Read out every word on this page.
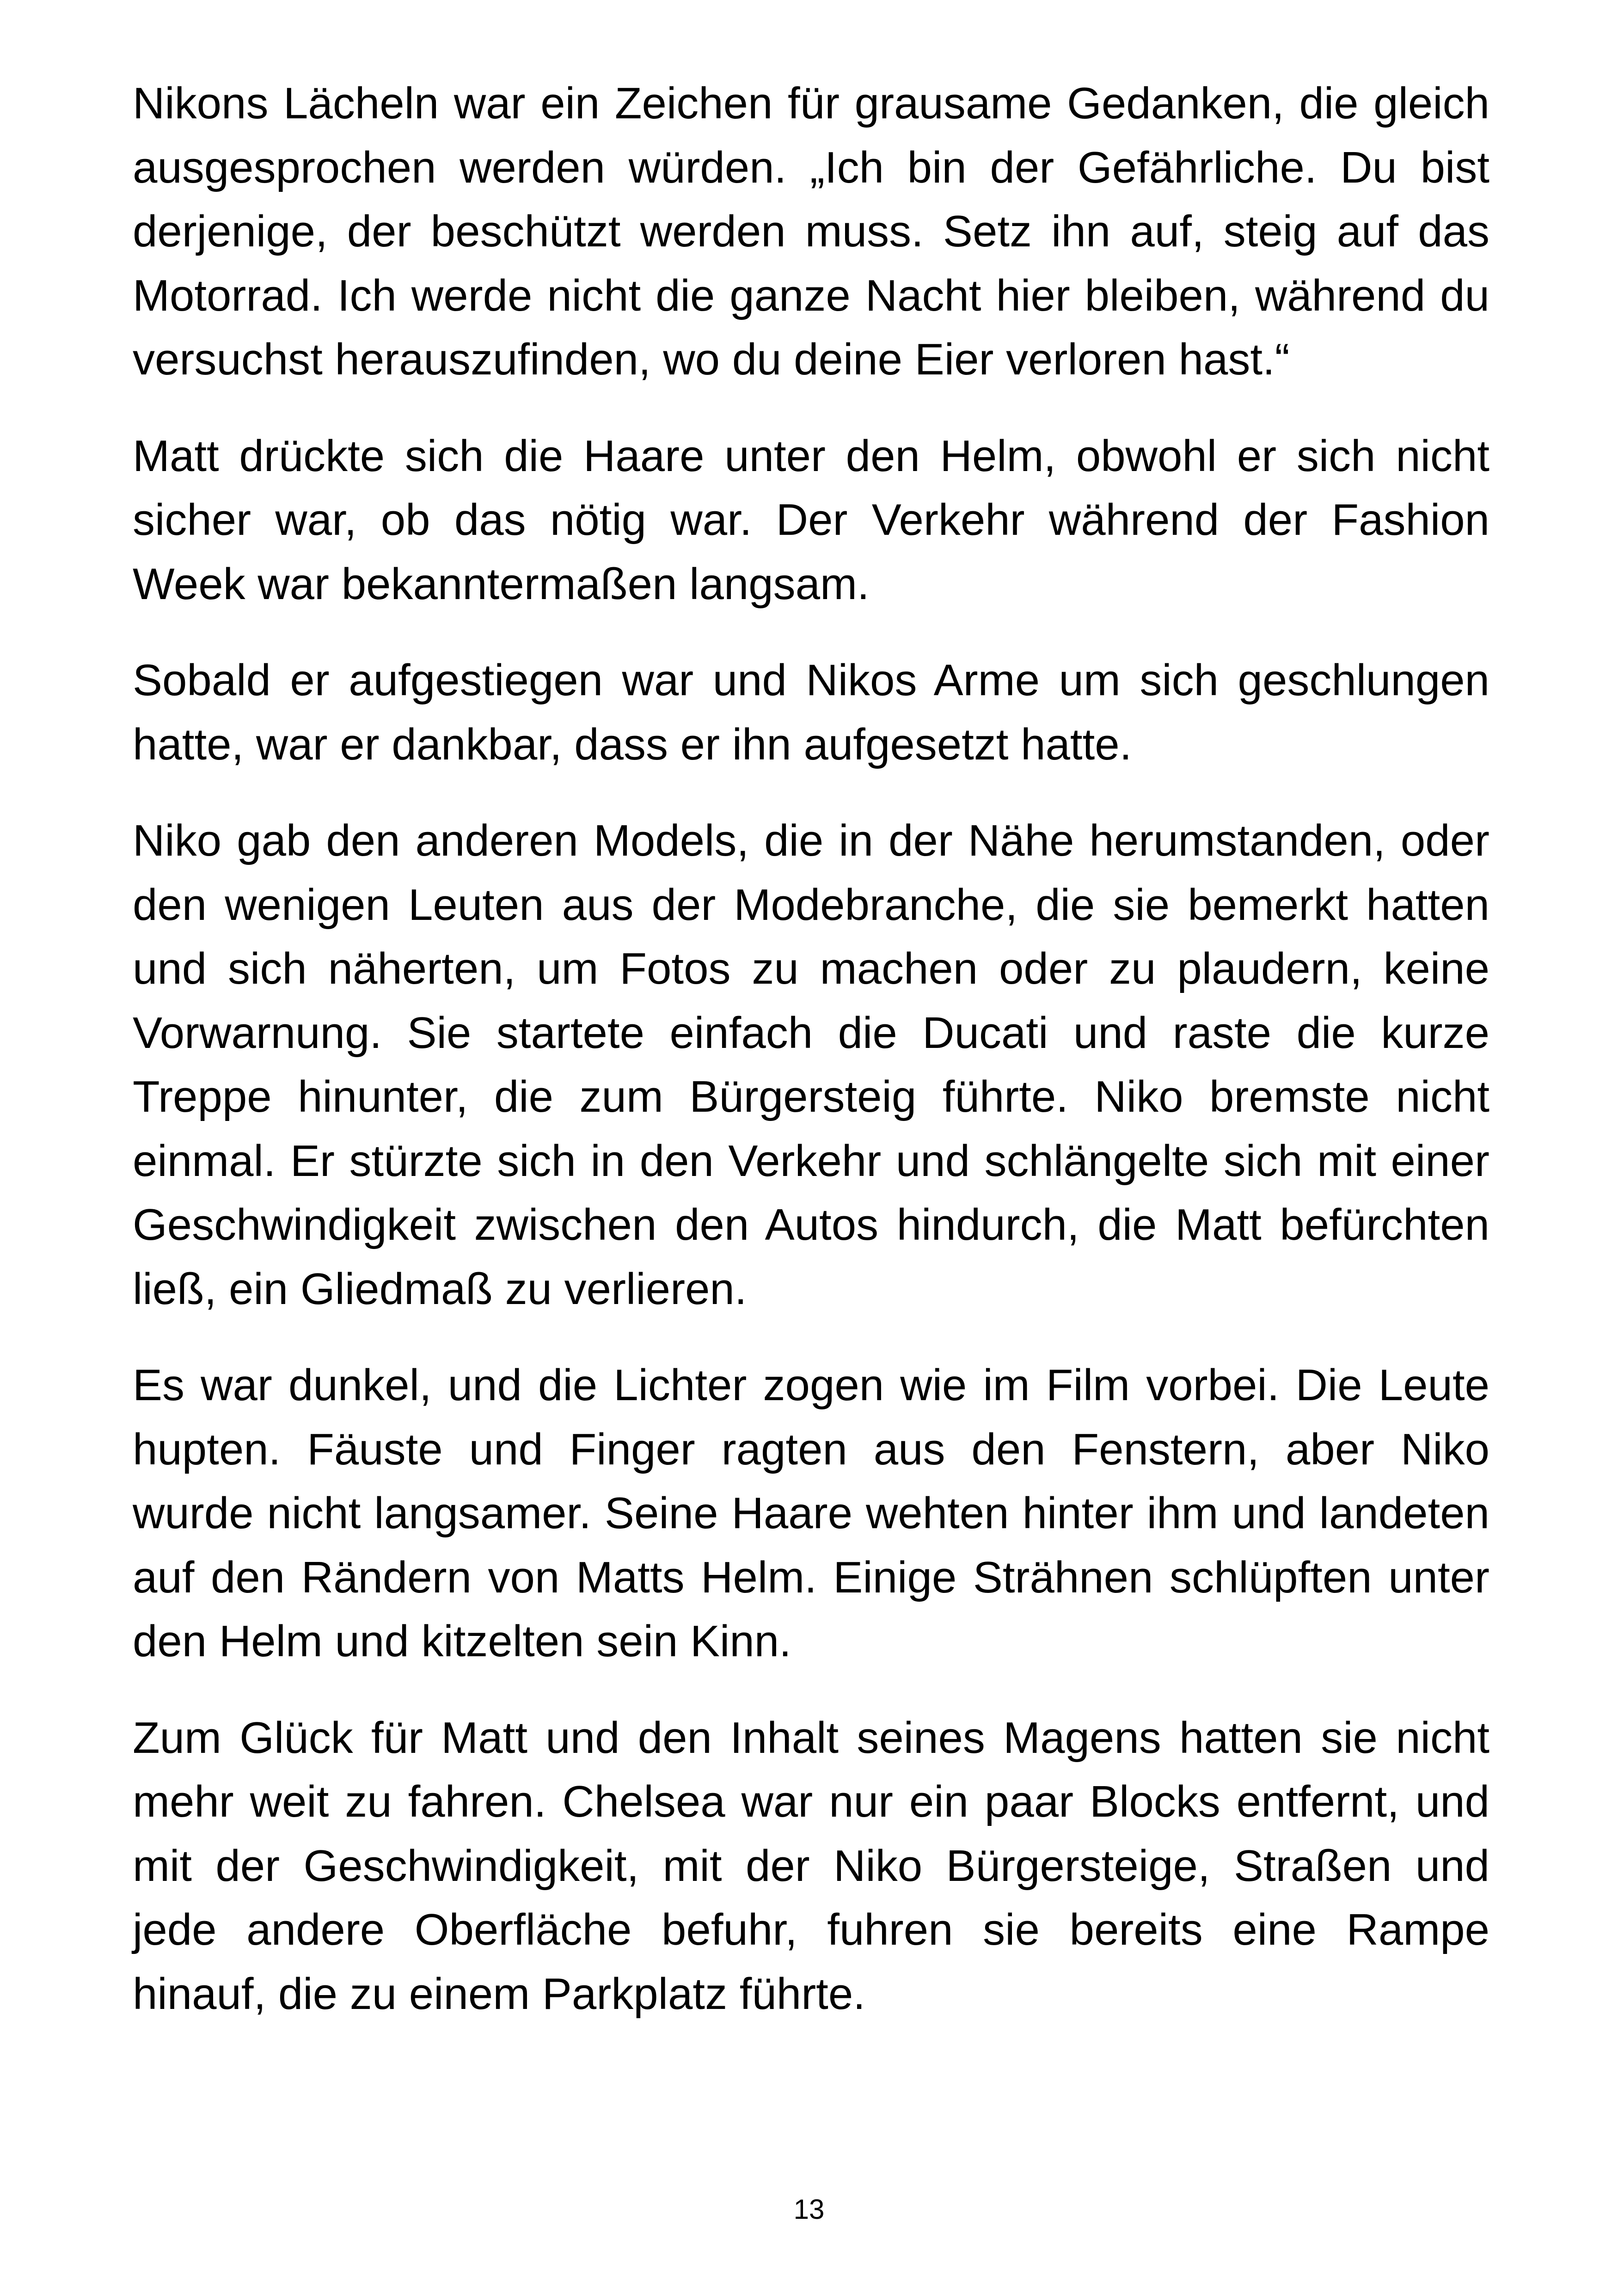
Nikons Lächeln war ein Zeichen für grausame Gedanken, die gleich ausgesprochen werden würden. „Ich bin der Gefährliche. Du bist derjenige, der beschützt werden muss. Setz ihn auf, steig auf das Motorrad. Ich werde nicht die ganze Nacht hier bleiben, während du versuchst herauszufinden, wo du deine Eier verloren hast.“

Matt drückte sich die Haare unter den Helm, obwohl er sich nicht sicher war, ob das nötig war. Der Verkehr während der Fashion Week war bekanntermaßen langsam.

Sobald er aufgestiegen war und Nikos Arme um sich geschlungen hatte, war er dankbar, dass er ihn aufgesetzt hatte.

Niko gab den anderen Models, die in der Nähe herumstanden, oder den wenigen Leuten aus der Modebranche, die sie bemerkt hatten und sich näherten, um Fotos zu machen oder zu plaudern, keine Vorwarnung. Sie startete einfach die Ducati und raste die kurze Treppe hinunter, die zum Bürgersteig führte. Niko bremste nicht einmal. Er stürzte sich in den Verkehr und schlängelte sich mit einer Geschwindigkeit zwischen den Autos hindurch, die Matt befürchten ließ, ein Gliedmaß zu verlieren.

Es war dunkel, und die Lichter zogen wie im Film vorbei. Die Leute hupten. Fäuste und Finger ragten aus den Fenstern, aber Niko wurde nicht langsamer. Seine Haare wehten hinter ihm und landeten auf den Rändern von Matts Helm. Einige Strähnen schlüpften unter den Helm und kitzelten sein Kinn.

Zum Glück für Matt und den Inhalt seines Magens hatten sie nicht mehr weit zu fahren. Chelsea war nur ein paar Blocks entfernt, und mit der Geschwindigkeit, mit der Niko Bürgersteige, Straßen und jede andere Oberfläche befuhr, fuhren sie bereits eine Rampe hinauf, die zu einem Parkplatz führte.

13
